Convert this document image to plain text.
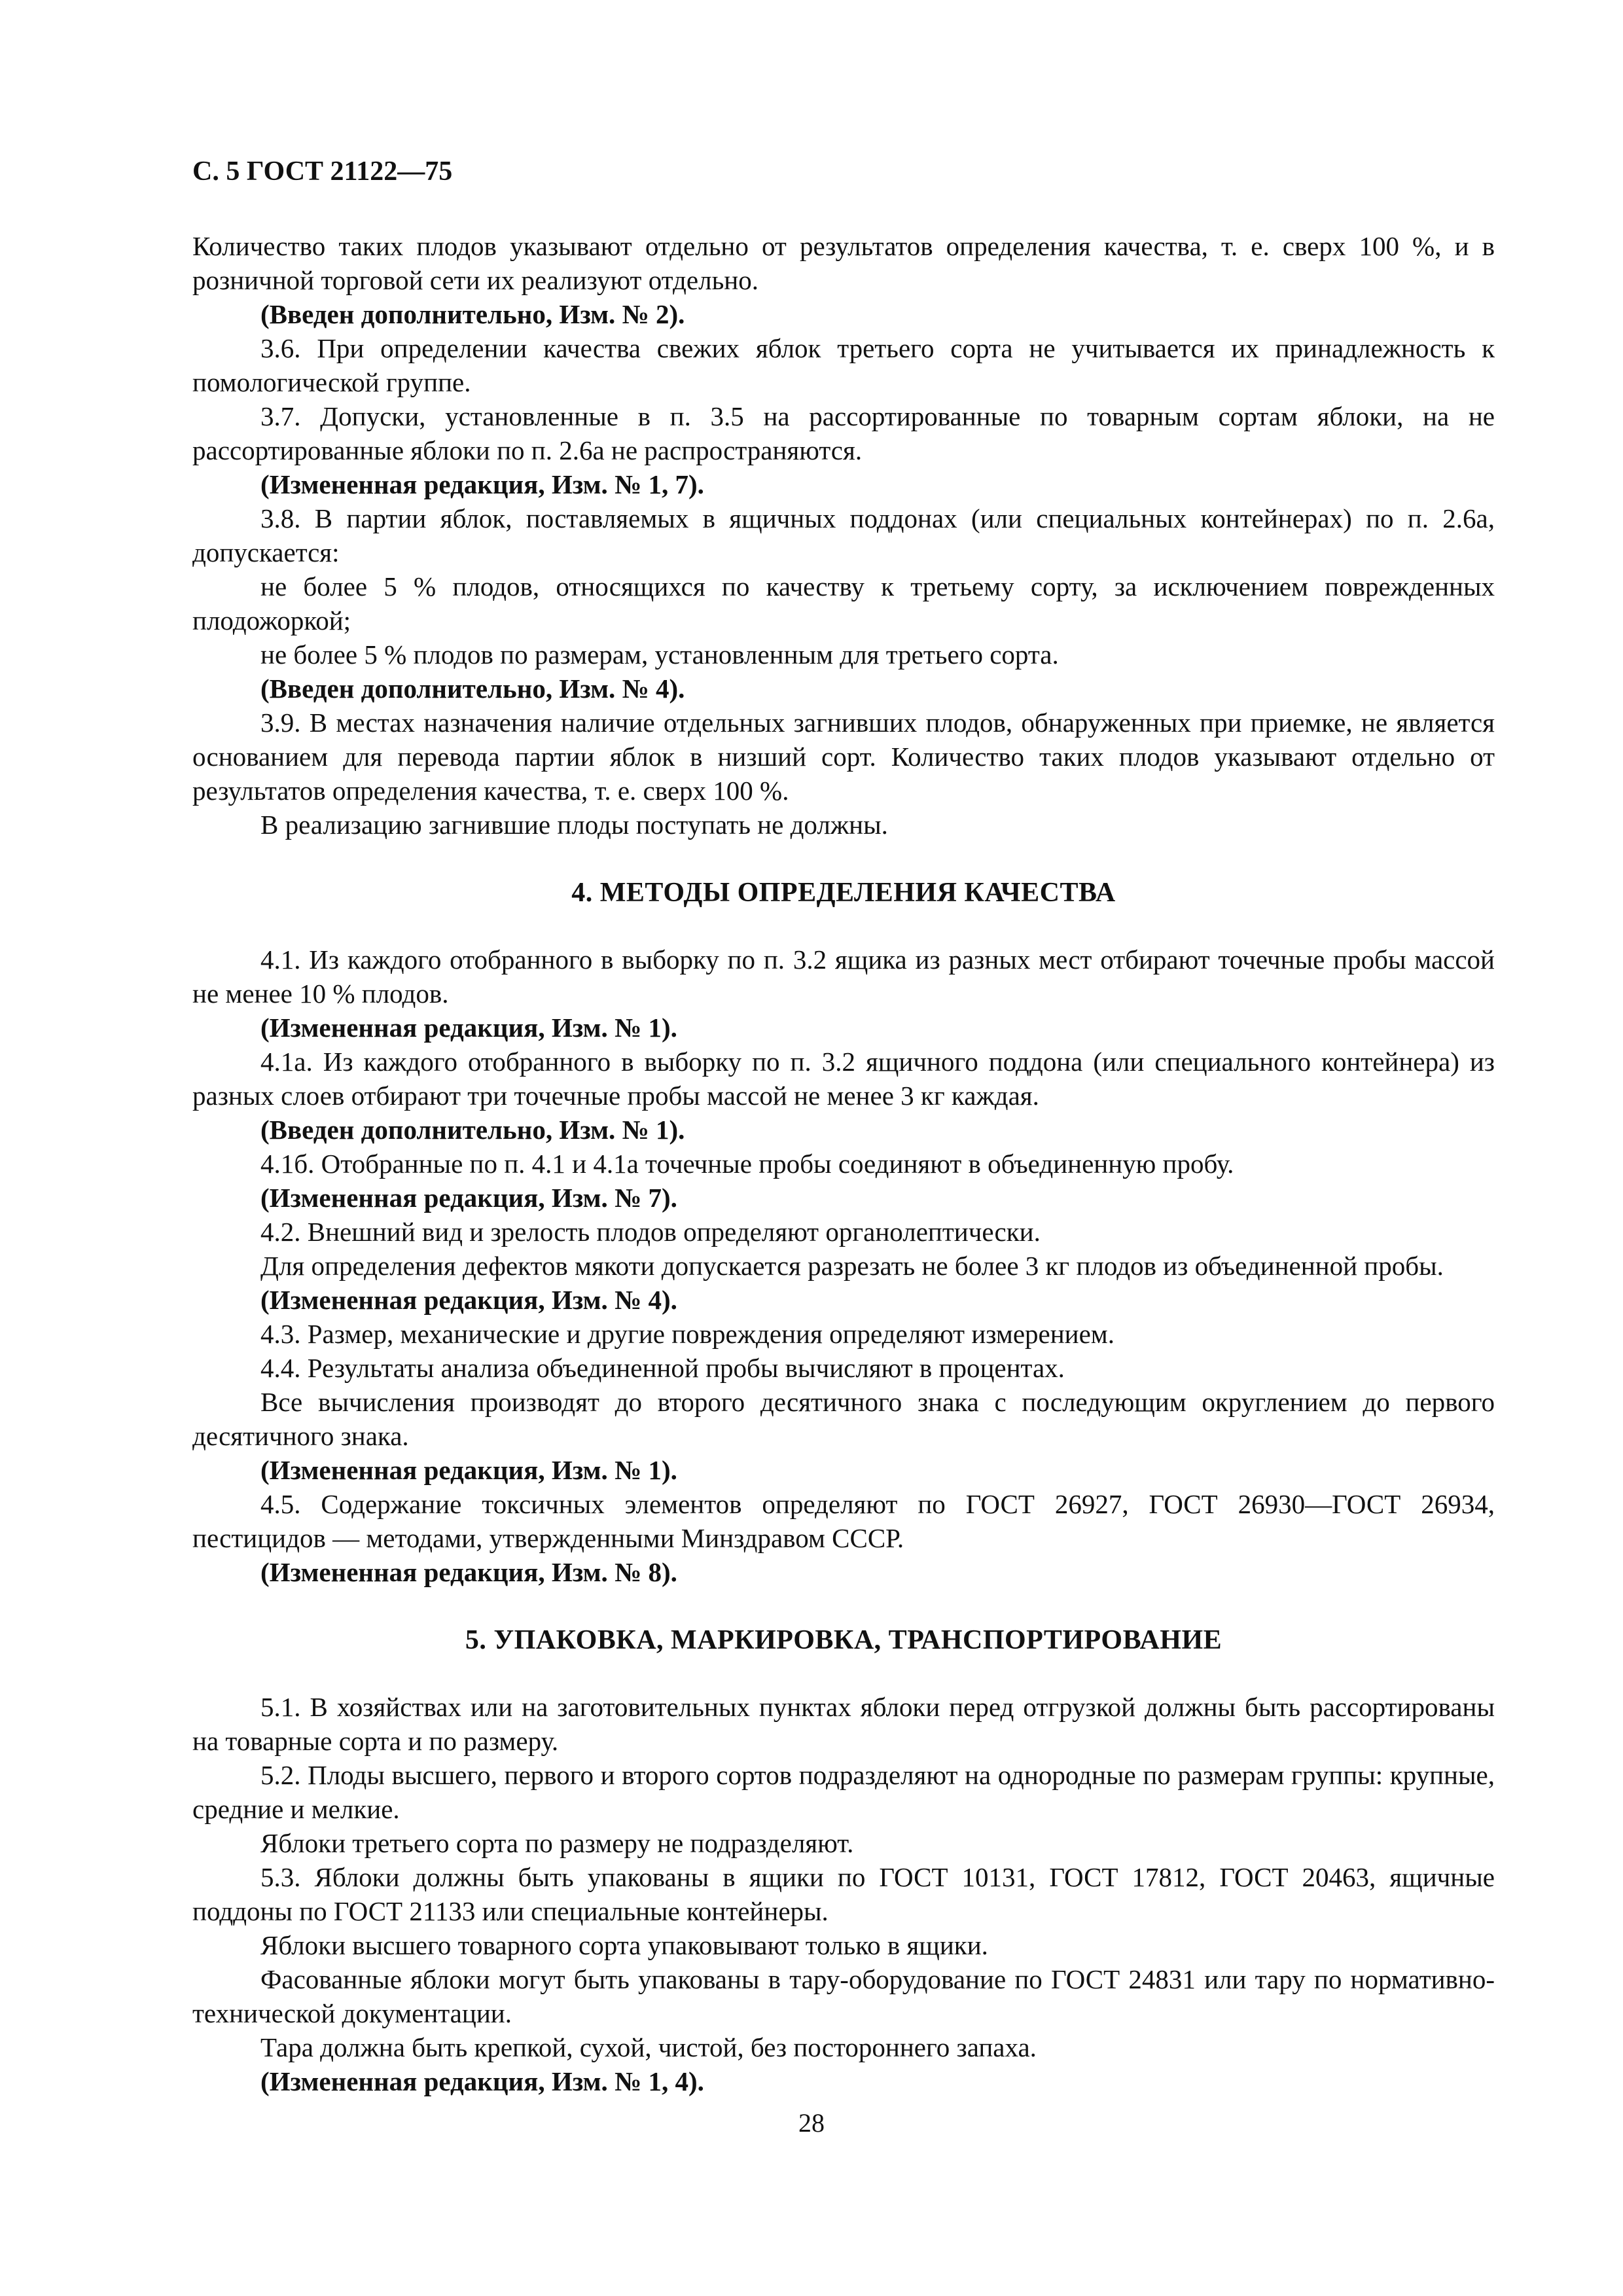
С. 5 ГОСТ 21122—75

Количество таких плодов указывают отдельно от результатов определения качества, т. е. сверх 100 %, и в розничной торговой сети их реализуют отдельно.

(Введен дополнительно, Изм. № 2).

3.6. При определении качества свежих яблок третьего сорта не учитывается их принадлежность к помологической группе.

3.7. Допуски, установленные в п. 3.5 на рассортированные по товарным сортам яблоки, на не рассортированные яблоки по п. 2.6а не распространяются.

(Измененная редакция, Изм. № 1, 7).

3.8. В партии яблок, поставляемых в ящичных поддонах (или специальных контейнерах) по п. 2.6а, допускается:

не более 5 % плодов, относящихся по качеству к третьему сорту, за исключением поврежденных плодожоркой;

не более 5 % плодов по размерам, установленным для третьего сорта.

(Введен дополнительно, Изм. № 4).

3.9. В местах назначения наличие отдельных загнивших плодов, обнаруженных при приемке, не является основанием для перевода партии яблок в низший сорт. Количество таких плодов указывают отдельно от результатов определения качества, т. е. сверх 100 %.

В реализацию загнившие плоды поступать не должны.

4. МЕТОДЫ ОПРЕДЕЛЕНИЯ КАЧЕСТВА

4.1. Из каждого отобранного в выборку по п. 3.2 ящика из разных мест отбирают точечные пробы массой не менее 10 % плодов.

(Измененная редакция, Изм. № 1).

4.1а. Из каждого отобранного в выборку по п. 3.2 ящичного поддона (или специального контейнера) из разных слоев отбирают три точечные пробы массой не менее 3 кг каждая.

(Введен дополнительно, Изм. № 1).

4.1б. Отобранные по п. 4.1 и 4.1а точечные пробы соединяют в объединенную пробу.

(Измененная редакция, Изм. № 7).

4.2. Внешний вид и зрелость плодов определяют органолептически.

Для определения дефектов мякоти допускается разрезать не более 3 кг плодов из объединенной пробы.

(Измененная редакция, Изм. № 4).

4.3. Размер, механические и другие повреждения определяют измерением.

4.4. Результаты анализа объединенной пробы вычисляют в процентах.

Все вычисления производят до второго десятичного знака с последующим округлением до первого десятичного знака.

(Измененная редакция, Изм. № 1).

4.5. Содержание токсичных элементов определяют по ГОСТ 26927, ГОСТ 26930—ГОСТ 26934, пестицидов — методами, утвержденными Минздравом СССР.

(Измененная редакция, Изм. № 8).

5. УПАКОВКА, МАРКИРОВКА, ТРАНСПОРТИРОВАНИЕ

5.1. В хозяйствах или на заготовительных пунктах яблоки перед отгрузкой должны быть рассортированы на товарные сорта и по размеру.

5.2. Плоды высшего, первого и второго сортов подразделяют на однородные по размерам группы: крупные, средние и мелкие.

Яблоки третьего сорта по размеру не подразделяют.

5.3. Яблоки должны быть упакованы в ящики по ГОСТ 10131, ГОСТ 17812, ГОСТ 20463, ящичные поддоны по ГОСТ 21133 или специальные контейнеры.

Яблоки высшего товарного сорта упаковывают только в ящики.

Фасованные яблоки могут быть упакованы в тару-оборудование по ГОСТ 24831 или тару по нормативно-технической документации.

Тара должна быть крепкой, сухой, чистой, без постороннего запаха.

(Измененная редакция, Изм. № 1, 4).

28
